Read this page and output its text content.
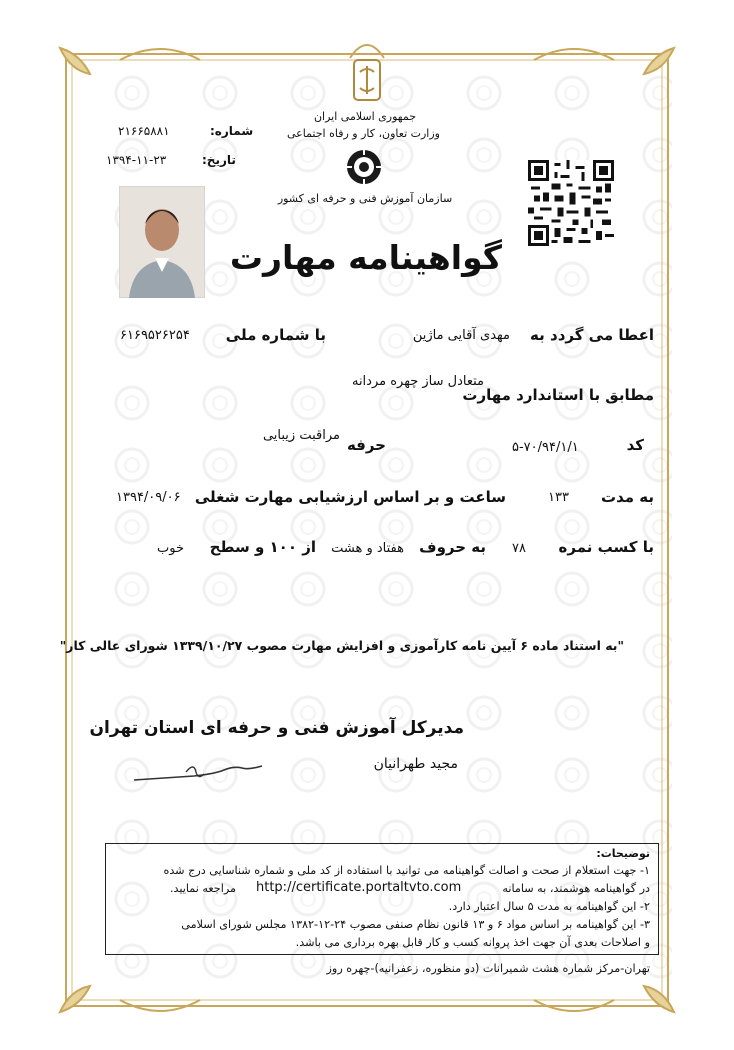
جمهوری اسلامی ایران
وزارت تعاون، کار و رفاه اجتماعی
سازمان آموزش فنی و حرفه ای کشور
شماره:
۲۱۶۶۵۸۸۱
تاریخ:
۱۳۹۴-۱۱-۲۳
گواهینامه مهارت
اعطا می گردد به
مهدی آقایی ماژین
با شماره ملی
۶۱۶۹۵۲۶۲۵۴
مطابق با استاندارد مهارت
متعادل ساز چهره مردانه
کد
۵-۷۰/۹۴/۱/۱
حرفه
مراقبت زیبایی
به مدت
۱۳۳
ساعت و بر اساس ارزشیابی مهارت شغلی
۱۳۹۴/۰۹/۰۶
با کسب نمره
۷۸
به حروف
هفتاد و هشت
از ۱۰۰ و سطح
خوب
"به استناد ماده ۶ آیین نامه کارآموزی و افزایش مهارت مصوب ۱۳۳۹/۱۰/۲۷ شورای عالی کار"
مدیرکل آموزش فنی و حرفه ای استان تهران
مجید طهرانیان
توضیحات:
۱- جهت استعلام از صحت و اصالت گواهینامه می توانید با استفاده از کد ملی و شماره شناسایی درج شده
در گواهینامه هوشمند، به سامانه
http://certificate.portaltvto.com
مراجعه نمایید.
۲- این گواهینامه به مدت ۵ سال اعتبار دارد.
۳- این گواهینامه بر اساس مواد ۶ و ۱۳ قانون نظام صنفی مصوب ۲۴-۱۲-۱۳۸۲ مجلس شورای اسلامی
و اصلاحات بعدی آن جهت اخذ پروانه کسب و کار قابل بهره برداری می باشد.
تهران-مرکز شماره هشت شمیرانات (دو منظوره، زعفرانیه)-چهره روز
